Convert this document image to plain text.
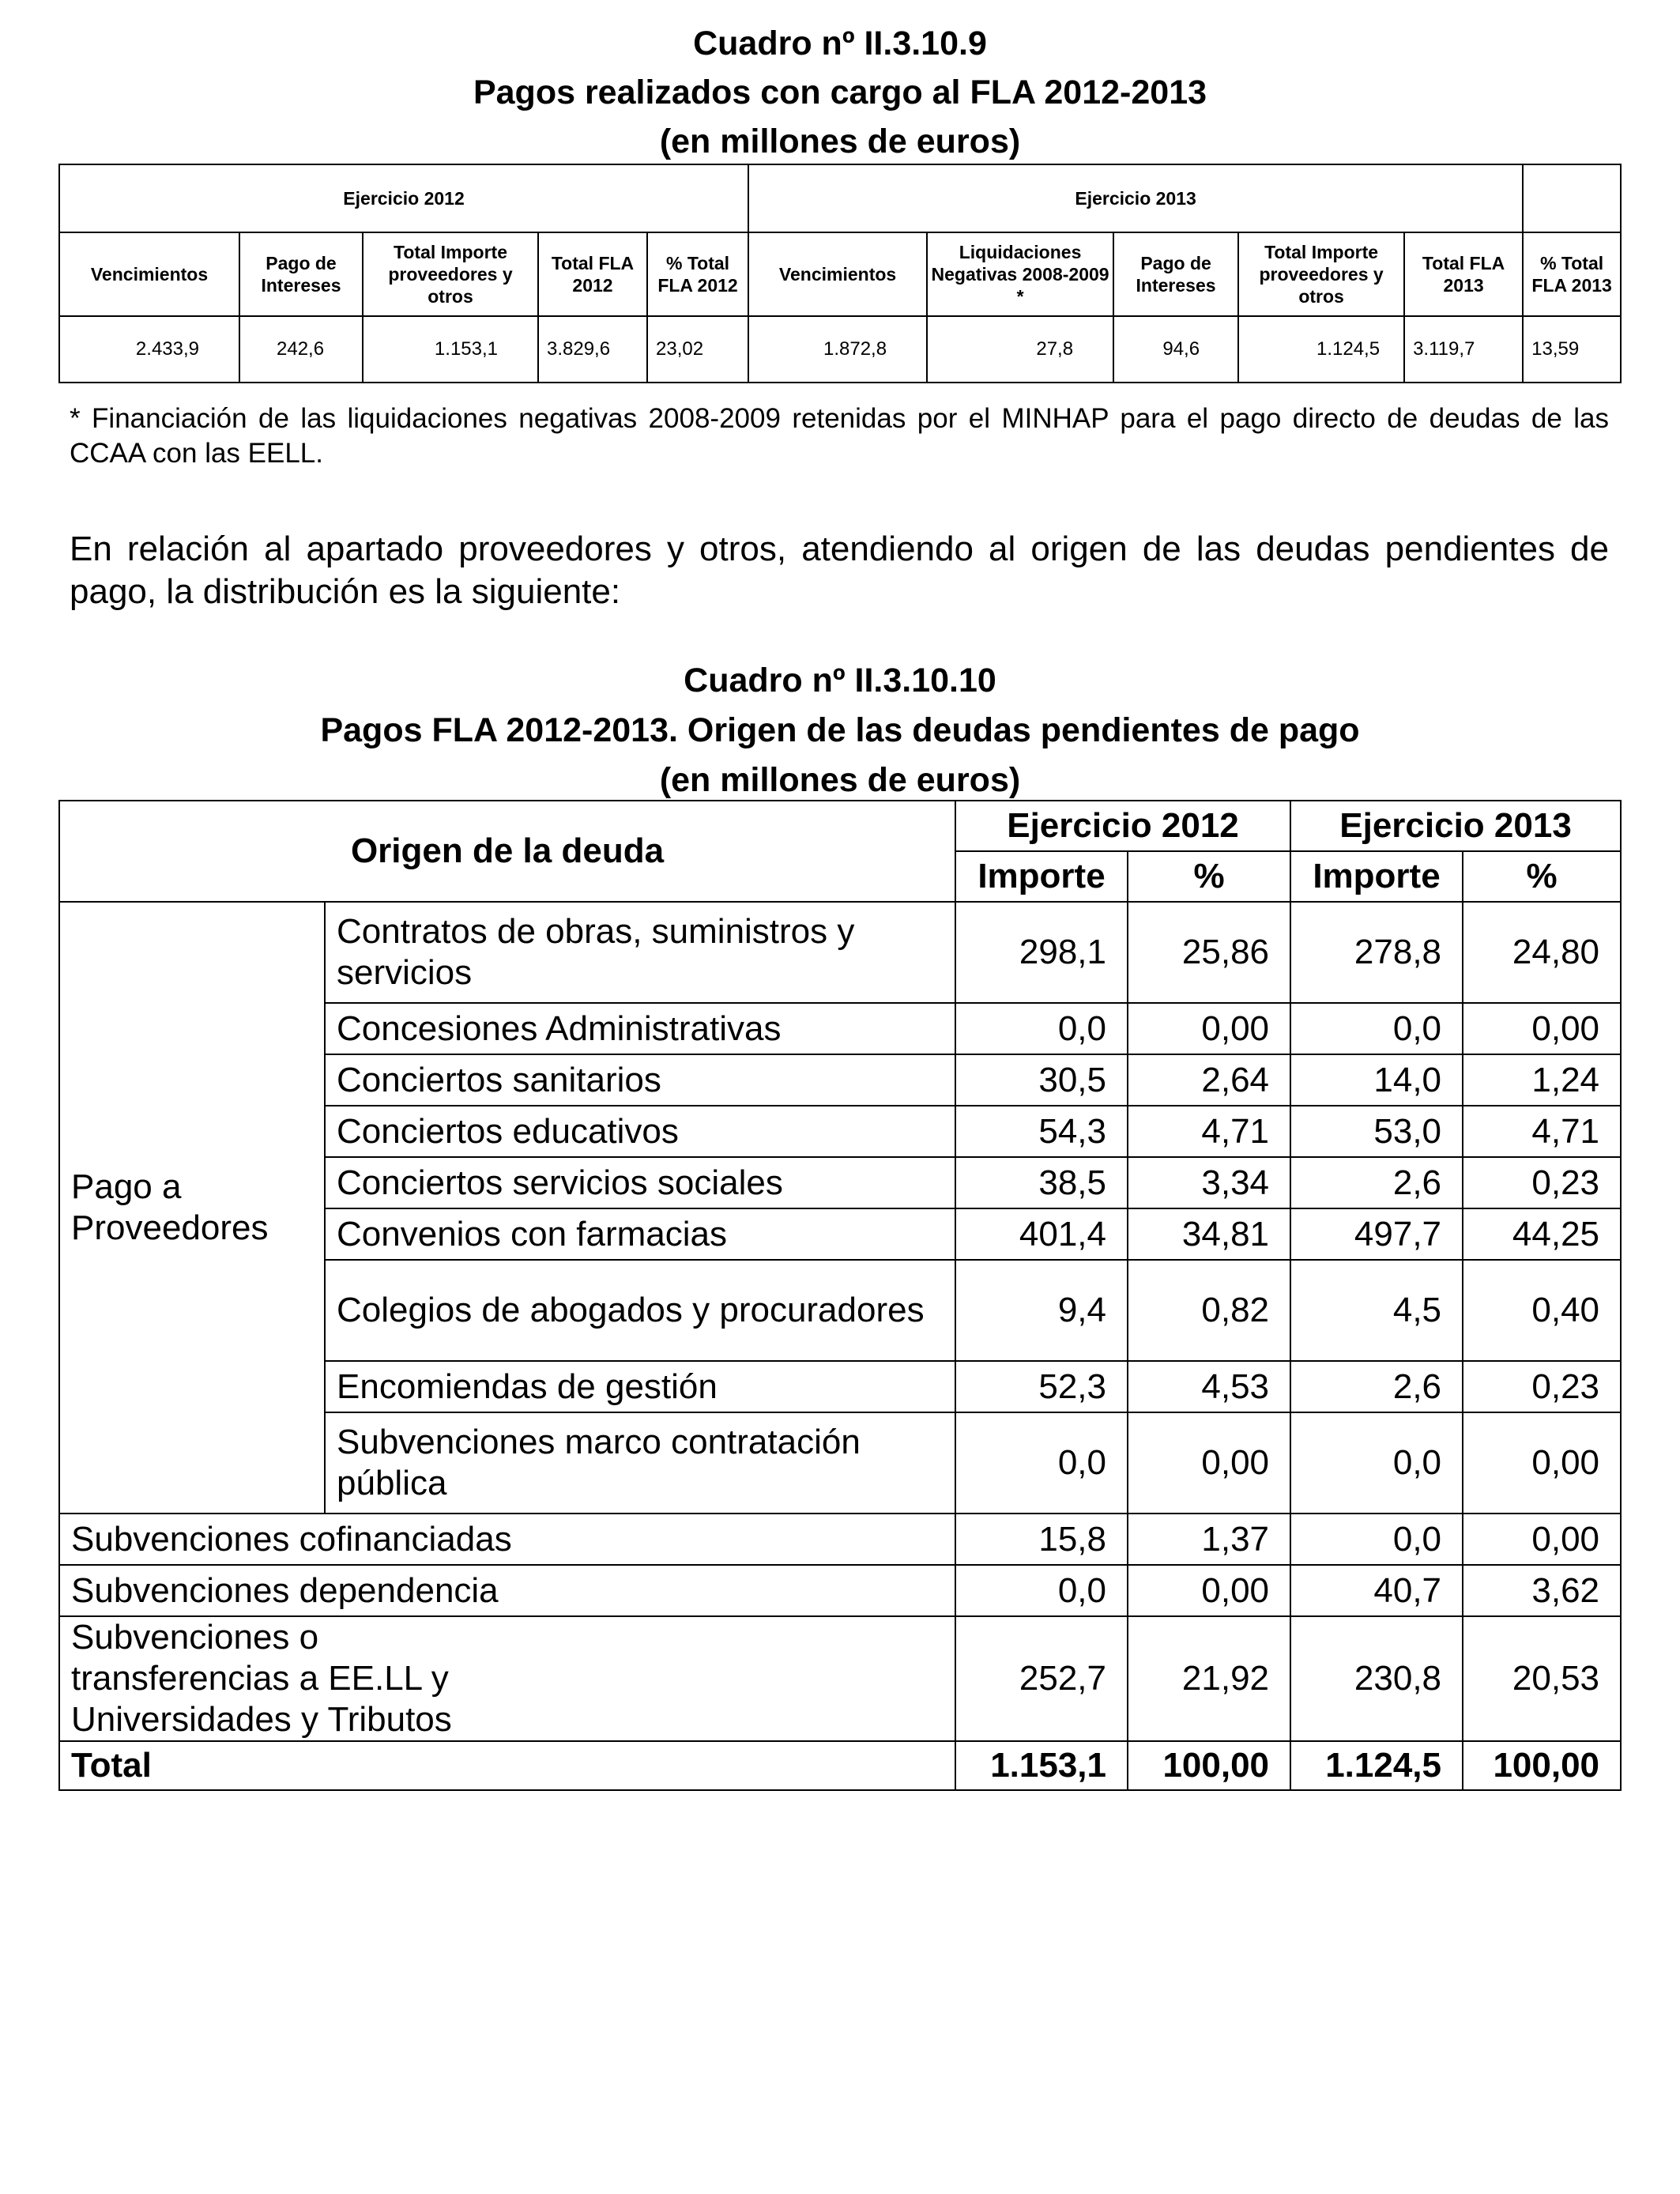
Cuadro nº II.3.10.9
Pagos realizados con cargo al FLA 2012-2013
(en millones de euros)
Ejercicio 2012					Ejercicio 2013					
Vencimientos	Pago de Intereses	Total Importe proveedores y otros	Total FLA 2012	% Total FLA 2012	Vencimientos	Liquidaciones Negativas 2008-2009 *	Pago de Intereses	Total Importe proveedores y otros	Total FLA 2013	% Total FLA 2013
2.433,9	242,6	1.153,1	3.829,6	23,02	1.872,8	27,8	94,6	1.124,5	3.119,7	13,59
* Financiación de las liquidaciones negativas 2008-2009 retenidas por el MINHAP para el pago directo de deudas de las CCAA con las EELL.
En relación al apartado proveedores y otros, atendiendo al origen de las deudas pendientes de pago, la distribución es la siguiente:
Cuadro nº II.3.10.10
Pagos FLA 2012-2013. Origen de las deudas pendientes de pago
(en millones de euros)
Origen de la deuda		Ejercicio 2012		Ejercicio 2013	
		Importe	%	Importe	%
Pago a Proveedores	Contratos de obras, suministros y servicios	298,1	25,86	278,8	24,80
	Concesiones Administrativas	0,0	0,00	0,0	0,00
	Conciertos sanitarios	30,5	2,64	14,0	1,24
	Conciertos educativos	54,3	4,71	53,0	4,71
	Conciertos servicios sociales	38,5	3,34	2,6	0,23
	Convenios con farmacias	401,4	34,81	497,7	44,25
	Colegios de abogados y procuradores	9,4	0,82	4,5	0,40
	Encomiendas de gestión	52,3	4,53	2,6	0,23
	Subvenciones marco contratación pública	0,0	0,00	0,0	0,00
Subvenciones cofinanciadas		15,8	1,37	0,0	0,00
Subvenciones dependencia		0,0	0,00	40,7	3,62
Subvenciones o transferencias a EE.LL y Universidades y Tributos		252,7	21,92	230,8	20,53
Total		1.153,1	100,00	1.124,5	100,00
